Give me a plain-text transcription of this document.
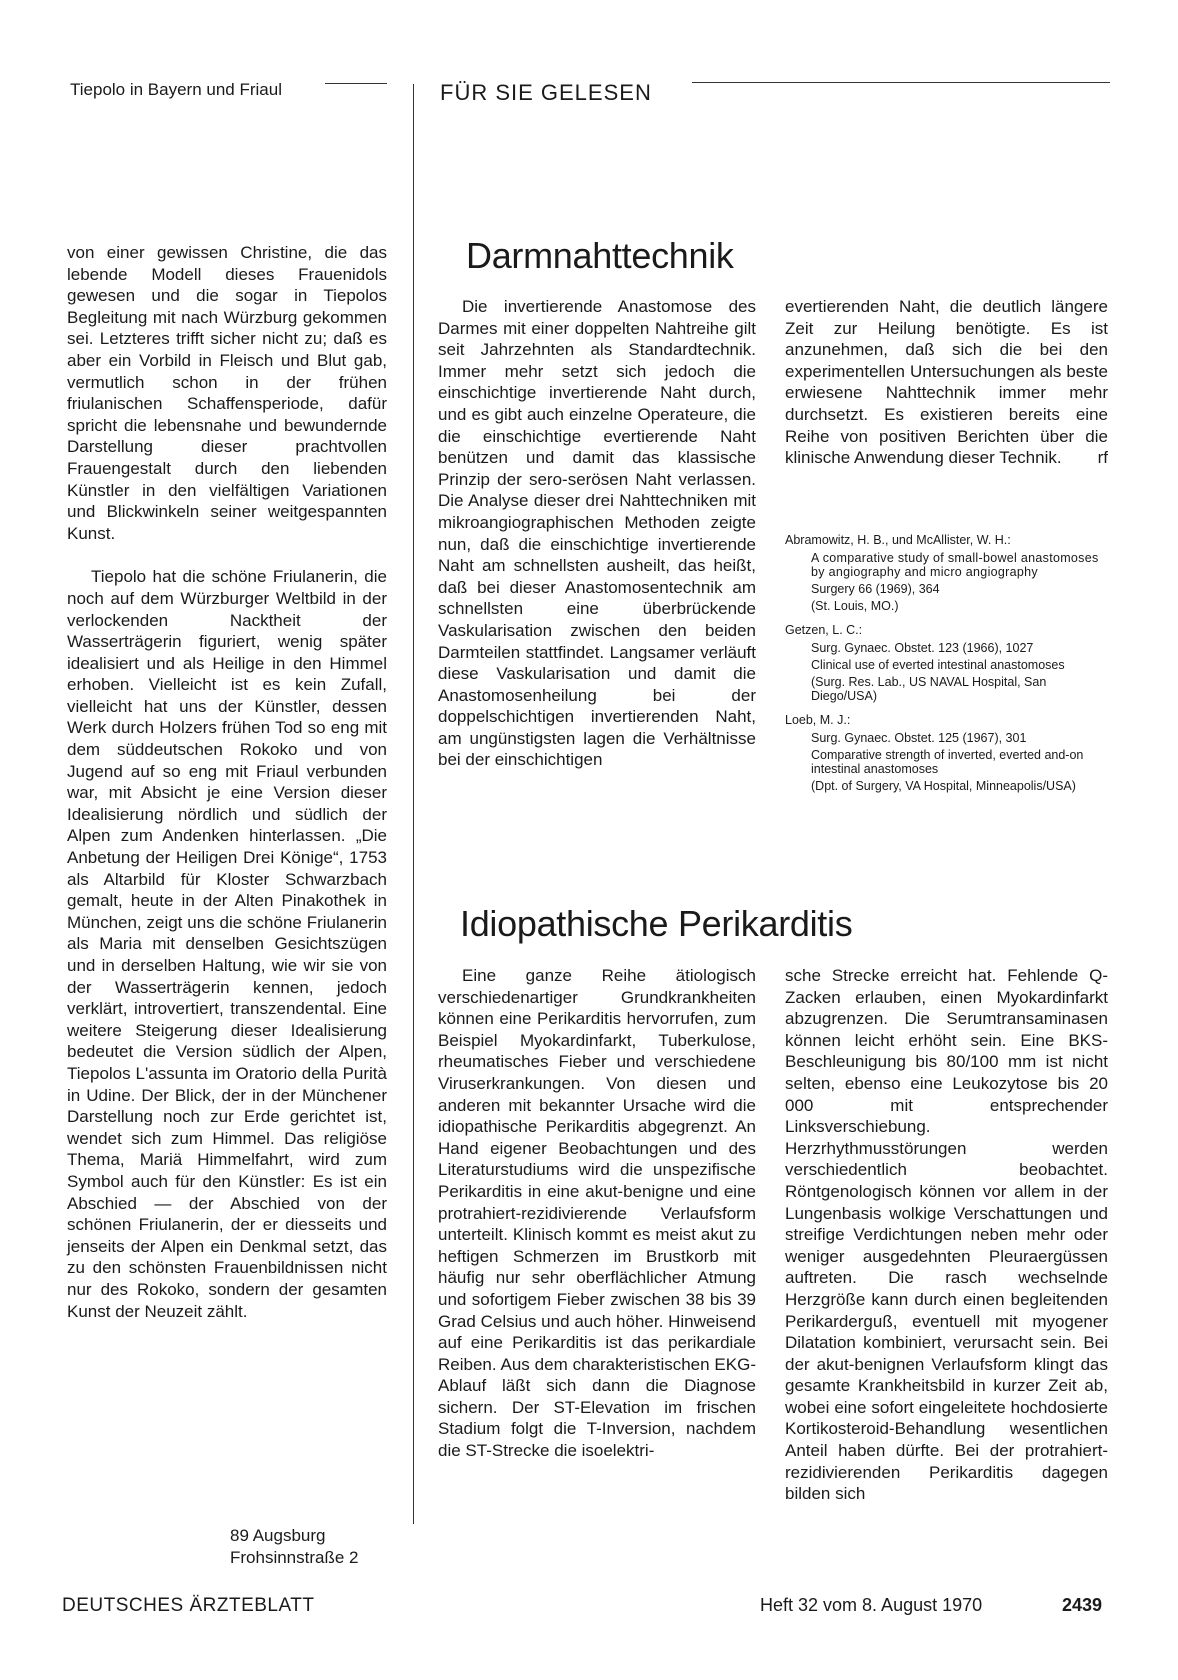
Tiepolo in Bayern und Friaul	FÜR SIE GELESEN

von einer gewissen Christine, die das lebende Modell dieses Frauenidols gewesen und die sogar in Tiepolos Begleitung mit nach Würzburg gekommen sei. Letzteres trifft sicher nicht zu; daß es aber ein Vorbild in Fleisch und Blut gab, vermutlich schon in der frühen friulanischen Schaffensperiode, dafür spricht die lebensnahe und bewundernde Darstellung dieser prachtvollen Frauengestalt durch den liebenden Künstler in den vielfältigen Variationen und Blickwinkeln seiner weitgespannten Kunst.

Tiepolo hat die schöne Friulanerin, die noch auf dem Würzburger Weltbild in der verlockenden Nacktheit der Wasserträgerin figuriert, wenig später idealisiert und als Heilige in den Himmel erhoben. Vielleicht ist es kein Zufall, vielleicht hat uns der Künstler, dessen Werk durch Holzers frühen Tod so eng mit dem süddeutschen Rokoko und von Jugend auf so eng mit Friaul verbunden war, mit Absicht je eine Version dieser Idealisierung nördlich und südlich der Alpen zum Andenken hinterlassen. „Die Anbetung der Heiligen Drei Könige“, 1753 als Altarbild für Kloster Schwarzbach gemalt, heute in der Alten Pinakothek in München, zeigt uns die schöne Friulanerin als Maria mit denselben Gesichtszügen und in derselben Haltung, wie wir sie von der Wasserträgerin kennen, jedoch verklärt, introvertiert, transzendental. Eine weitere Steigerung dieser Idealisierung bedeutet die Version südlich der Alpen, Tiepolos L'assunta im Oratorio della Purità in Udine. Der Blick, der in der Münchener Darstellung noch zur Erde gerichtet ist, wendet sich zum Himmel. Das religiöse Thema, Mariä Himmelfahrt, wird zum Symbol auch für den Künstler: Es ist ein Abschied — der Abschied von der schönen Friulanerin, der er diesseits und jenseits der Alpen ein Denkmal setzt, das zu den schönsten Frauenbildnissen nicht nur des Rokoko, sondern der gesamten Kunst der Neuzeit zählt.

89 Augsburg
Frohsinnstraße 2
Darmnahttechnik

Die invertierende Anastomose des Darmes mit einer doppelten Nahtreihe gilt seit Jahrzehnten als Standardtechnik. Immer mehr setzt sich jedoch die einschichtige invertierende Naht durch, und es gibt auch einzelne Operateure, die die einschichtige evertierende Naht benützen und damit das klassische Prinzip der sero-serösen Naht verlassen. Die Analyse dieser drei Nahttechniken mit mikroangiographischen Methoden zeigte nun, daß die einschichtige invertierende Naht am schnellsten ausheilt, das heißt, daß bei dieser Anastomosentechnik am schnellsten eine überbrückende Vaskularisation zwischen den beiden Darmteilen stattfindet. Langsamer verläuft diese Vaskularisation und damit die Anastomosenheilung bei der doppelschichtigen invertierenden Naht, am ungünstigsten lagen die Verhältnisse bei der einschichtigen

evertierenden Naht, die deutlich längere Zeit zur Heilung benötigte. Es ist anzunehmen, daß sich die bei den experimentellen Untersuchungen als beste erwiesene Nahttechnik immer mehr durchsetzt. Es existieren bereits eine Reihe von positiven Berichten über die klinische Anwendung dieser Technik. rf

Abramowitz, H. B., und McAllister, W. H.:
A comparative study of small-bowel anastomoses by angiography and micro angiography
Surgery 66 (1969), 364
(St. Louis, MO.)
Getzen, L. C.:
Surg. Gynaec. Obstet. 123 (1966), 1027
Clinical use of everted intestinal anastomoses
(Surg. Res. Lab., US NAVAL Hospital, San Diego/USA)
Loeb, M. J.:
Surg. Gynaec. Obstet. 125 (1967), 301
Comparative strength of inverted, everted and-on intestinal anastomoses
(Dpt. of Surgery, VA Hospital, Minneapolis/USA)
Idiopathische Perikarditis

Eine ganze Reihe ätiologisch verschiedenartiger Grundkrankheiten können eine Perikarditis hervorrufen, zum Beispiel Myokardinfarkt, Tuberkulose, rheumatisches Fieber und verschiedene Viruserkrankungen. Von diesen und anderen mit bekannter Ursache wird die idiopathische Perikarditis abgegrenzt. An Hand eigener Beobachtungen und des Literaturstudiums wird die unspezifische Perikarditis in eine akut-benigne und eine protrahiert-rezidivierende Verlaufsform unterteilt. Klinisch kommt es meist akut zu heftigen Schmerzen im Brustkorb mit häufig nur sehr oberflächlicher Atmung und sofortigem Fieber zwischen 38 bis 39 Grad Celsius und auch höher. Hinweisend auf eine Perikarditis ist das perikardiale Reiben. Aus dem charakteristischen EKG-Ablauf läßt sich dann die Diagnose sichern. Der ST-Elevation im frischen Stadium folgt die T-Inversion, nachdem die ST-Strecke die isoelektri-

sche Strecke erreicht hat. Fehlende Q-Zacken erlauben, einen Myokardinfarkt abzugrenzen. Die Serumtransaminasen können leicht erhöht sein. Eine BKS-Beschleunigung bis 80/100 mm ist nicht selten, ebenso eine Leukozytose bis 20 000 mit entsprechender Linksverschiebung. Herzrhythmusstörungen werden verschiedentlich beobachtet. Röntgenologisch können vor allem in der Lungenbasis wolkige Verschattungen und streifige Verdichtungen neben mehr oder weniger ausgedehnten Pleuraergüssen auftreten. Die rasch wechselnde Herzgröße kann durch einen begleitenden Perikarderguß, eventuell mit myogener Dilatation kombiniert, verursacht sein. Bei der akut-benignen Verlaufsform klingt das gesamte Krankheitsbild in kurzer Zeit ab, wobei eine sofort eingeleitete hochdosierte Kortikosteroid-Behandlung wesentlichen Anteil haben dürfte. Bei der protrahiert-rezidivierenden Perikarditis dagegen bilden sich

DEUTSCHES ÄRZTEBLATT	Heft 32 vom 8. August 1970	2439
